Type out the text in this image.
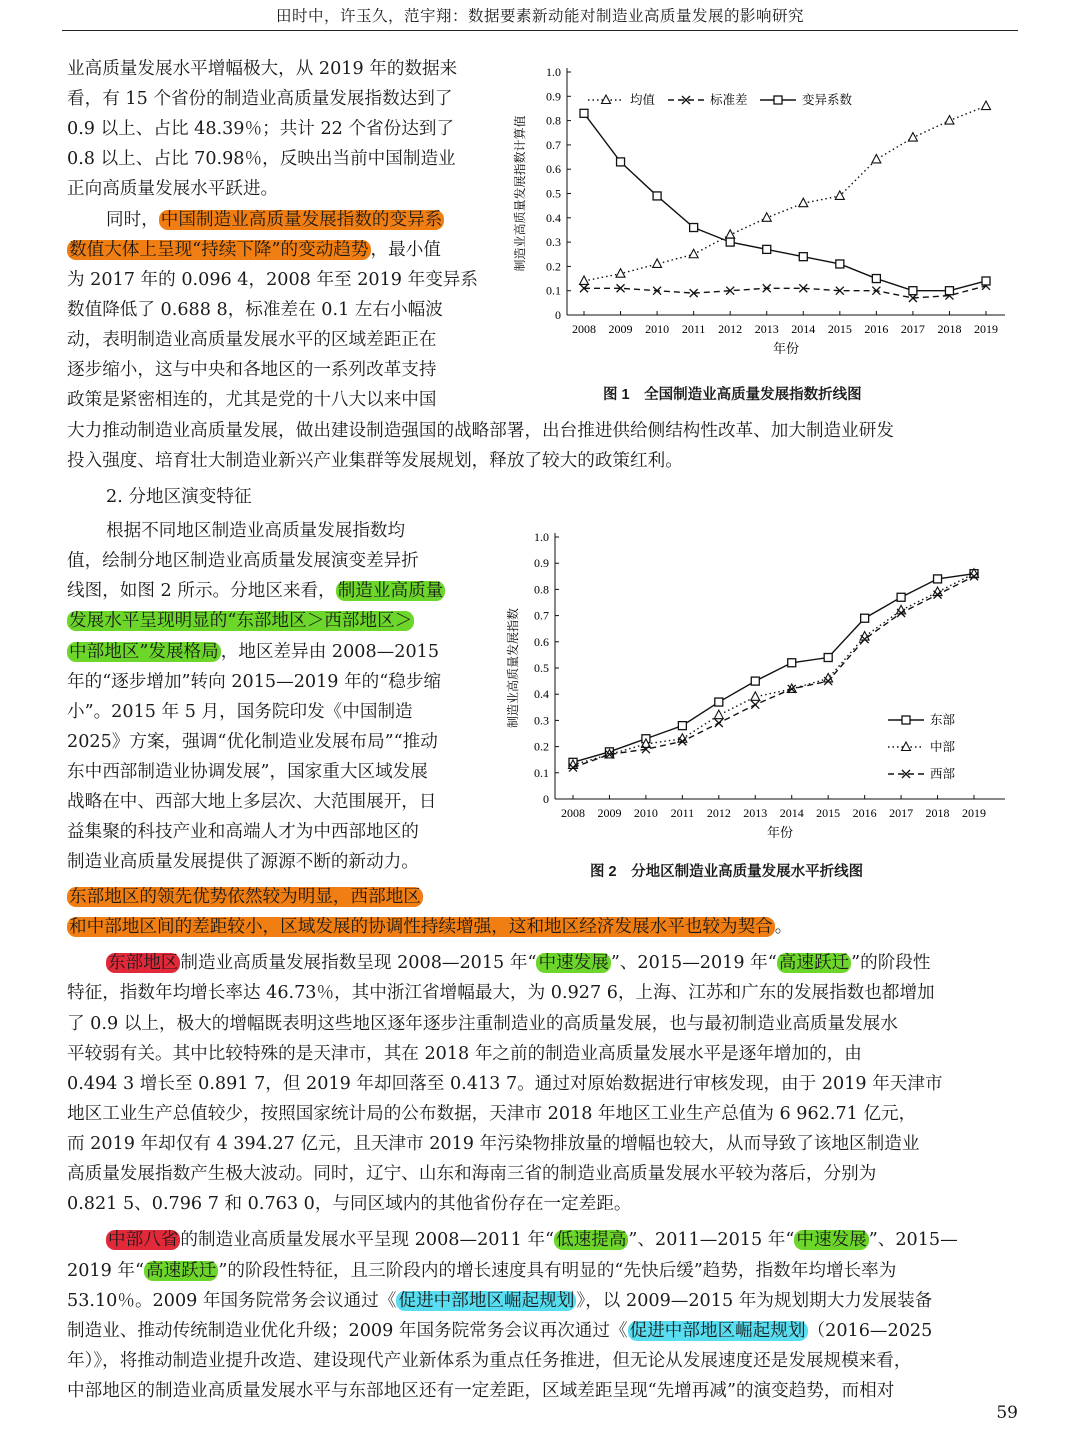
田时中，许玉久，范宇翔：数据要素新动能对制造业高质量发展的影响研究
业高质量发展水平增幅极大，从 2019 年的数据来
看，有 15 个省份的制造业高质量发展指数达到了
0.9 以上、占比 48.39％；共计 22 个省份达到了
0.8 以上、占比 70.98％，反映出当前中国制造业
正向高质量发展水平跃进。
同时， 中国制造业高质量发展指数的变异系
数值大体上呈现“持续下降”的变动趋势 ，最小值
为 2017 年的 0.096 4，2008 年至 2019 年变异系
数值降低了 0.688 8，标准差在 0.1 左右小幅波
动，表明制造业高质量发展水平的区域差距正在
逐步缩小，这与中央和各地区的一系列改革支持
政策是紧密相连的，尤其是党的十八大以来中国
大力推动制造业高质量发展，做出建设制造强国的战略部署，出台推进供给侧结构性改革、加大制造业研发
投入强度、培育壮大制造业新兴产业集群等发展规划，释放了较大的政策红利。
2. 分地区演变特征
根据不同地区制造业高质量发展指数均
值，绘制分地区制造业高质量发展演变差异折
线图，如图 2 所示。分地区来看， 制造业高质量
发展水平呈现明显的“东部地区＞西部地区＞
中部地区”发展格局 ，地区差异由 2008—2015
年的“逐步增加”转向 2015—2019 年的“稳步缩
小”。2015 年 5 月，国务院印发《中国制造
2025》方案，强调“优化制造业发展布局”“推动
东中西部制造业协调发展”，国家重大区域发展
战略在中、西部大地上多层次、大范围展开，日
益集聚的科技产业和高端人才为中西部地区的
制造业高质量发展提供了源源不断的新动力。
东部地区的领先优势依然较为明显，西部地区
和中部地区间的差距较小，区域发展的协调性持续增强，这和地区经济发展水平也较为契合 。
东部地区 制造业高质量发展指数呈现 2008—2015 年“ 中速发展 ”、2015—2019 年“ 高速跃迁 ”的阶段性
特征，指数年均增长率达 46.73％，其中浙江省增幅最大，为 0.927 6，上海、江苏和广东的发展指数也都增加
了 0.9 以上，极大的增幅既表明这些地区逐年逐步注重制造业的高质量发展，也与最初制造业高质量发展水
平较弱有关。其中比较特殊的是天津市，其在 2018 年之前的制造业高质量发展水平是逐年增加的，由
0.494 3 增长至 0.891 7，但 2019 年却回落至 0.413 7。通过对原始数据进行审核发现，由于 2019 年天津市
地区工业生产总值较少，按照国家统计局的公布数据，天津市 2018 年地区工业生产总值为 6 962.71 亿元，
而 2019 年却仅有 4 394.27 亿元，且天津市 2019 年污染物排放量的增幅也较大，从而导致了该地区制造业
高质量发展指数产生极大波动。同时，辽宁、山东和海南三省的制造业高质量发展水平较为落后，分别为
0.821 5、0.796 7 和 0.763 0，与同区域内的其他省份存在一定差距。
中部八省 的制造业高质量发展水平呈现 2008—2011 年“ 低速提高 ”、2011—2015 年“ 中速发展 ”、2015—
2019 年“ 高速跃迁 ”的阶段性特征，且三阶段内的增长速度具有明显的“先快后缓”趋势，指数年均增长率为
53.10％。2009 年国务院常务会议通过《 促进中部地区崛起规划 》，以 2009—2015 年为规划期大力发展装备
制造业、推动传统制造业优化升级；2009 年国务院常务会议再次通过《 促进中部地区崛起规划 （2016—2025
年）》，将推动制造业提升改造、建设现代产业新体系为重点任务推进，但无论从发展速度还是发展规模来看，
中部地区的制造业高质量发展水平与东部地区还有一定差距，区域差距呈现“先增再减”的演变趋势，而相对
0
0.1
0.2
0.3
0.4
0.5
0.6
0.7
0.8
0.9
1.0
2008 2009 2010 2011 2012 2013 2014 2015 2016 2017 2018 2019
年份
制造业高质量发展指数计算值
均值	标准差	变异系数
图 1　全国制造业高质量发展指数折线图
0
0.1
0.2
0.3
0.4
0.5
0.6
0.7
0.8
0.9
1.0
2008 2009 2010 2011 2012 2013 2014 2015 2016 2017 2018 2019
年份
制造业高质量发展指数	东部
中部
西部
图 2　分地区制造业高质量发展水平折线图
59
